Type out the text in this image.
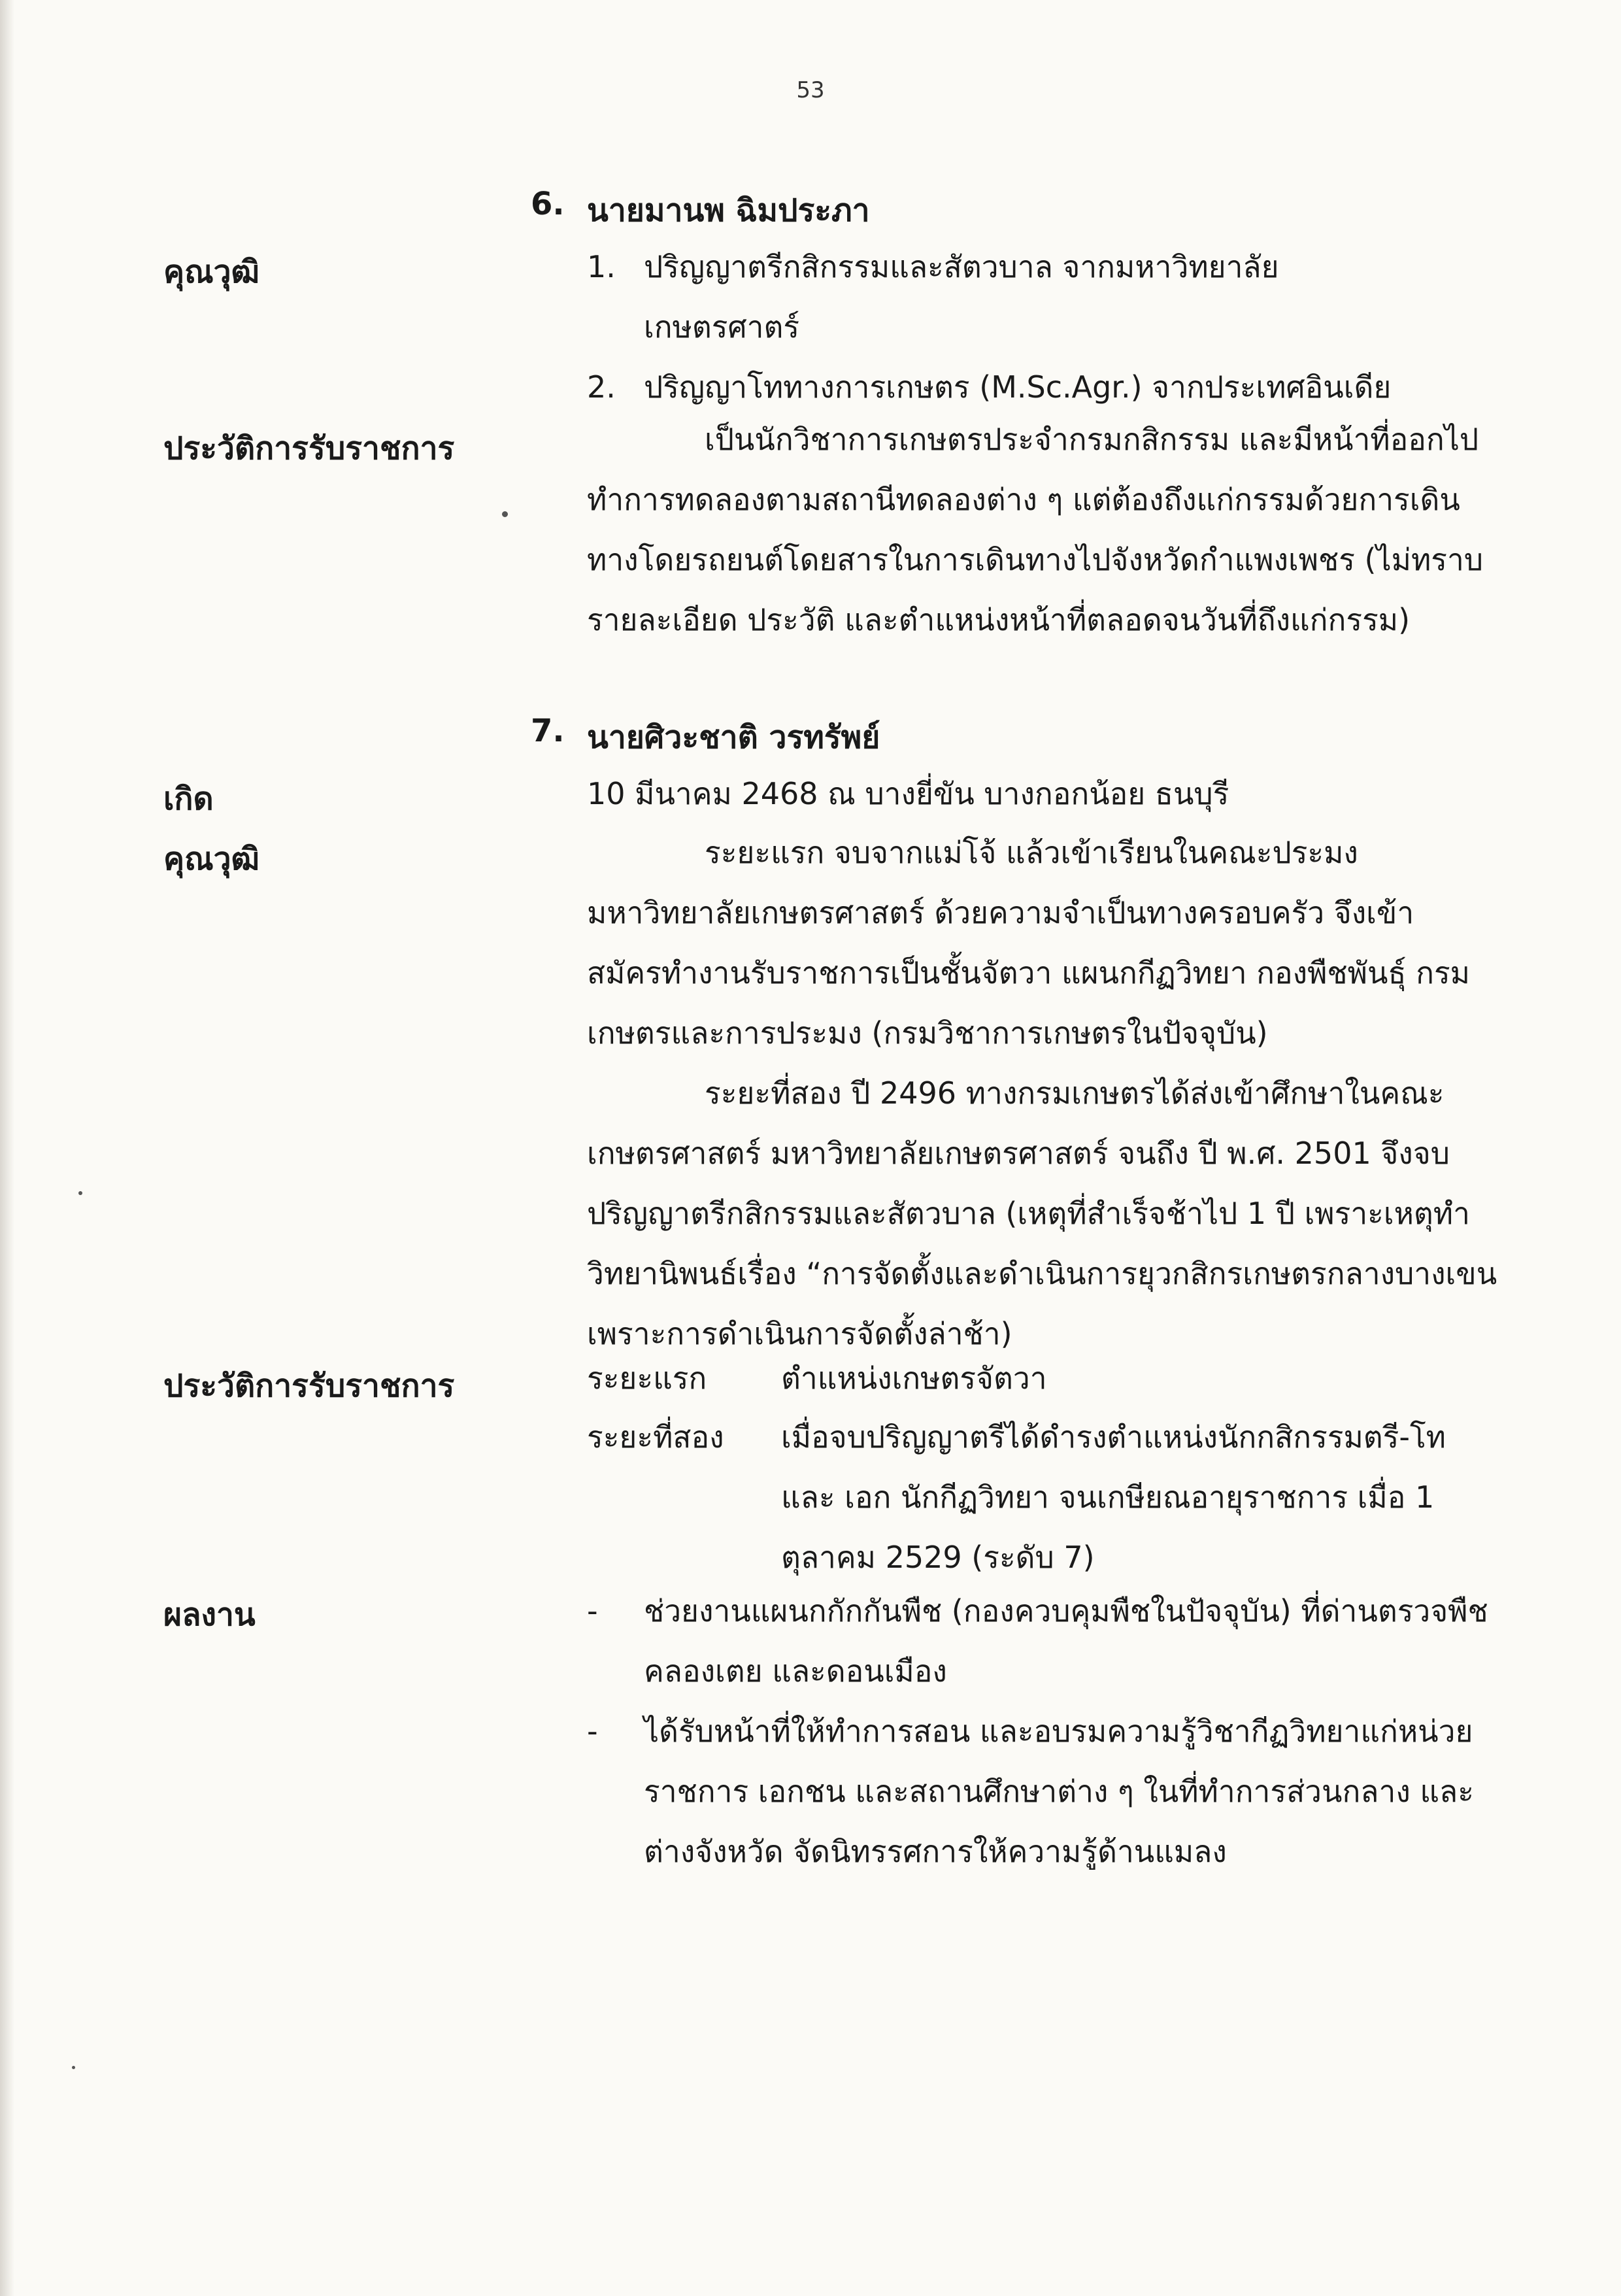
53
6. นายมานพ ฉิมประภา
คุณวุฒิ	1. ปริญญาตรีกสิกรรมและสัตวบาล จากมหาวิทยาลัย
เกษตรศาตร์
2. ปริญญาโททางการเกษตร (M.Sc.Agr.) จากประเทศอินเดีย
ประวัติการรับราชการ	เป็นนักวิชาการเกษตรประจำกรมกสิกรรม และมีหน้าที่ออกไป
ทำการทดลองตามสถานีทดลองต่าง ๆ แต่ต้องถึงแก่กรรมด้วยการเดิน
ทางโดยรถยนต์โดยสารในการเดินทางไปจังหวัดกำแพงเพชร (ไม่ทราบ
รายละเอียด ประวัติ และตำแหน่งหน้าที่ตลอดจนวันที่ถึงแก่กรรม)
7. นายศิวะชาติ วรทรัพย์
เกิด	10 มีนาคม 2468 ณ บางยี่ขัน บางกอกน้อย ธนบุรี
คุณวุฒิ	ระยะแรก จบจากแม่โจ้ แล้วเข้าเรียนในคณะประมง
มหาวิทยาลัยเกษตรศาสตร์ ด้วยความจำเป็นทางครอบครัว จึงเข้า
สมัครทำงานรับราชการเป็นชั้นจัตวา แผนกกีฏวิทยา กองพืชพันธุ์ กรม
เกษตรและการประมง (กรมวิชาการเกษตรในปัจจุบัน)
ระยะที่สอง ปี 2496 ทางกรมเกษตรได้ส่งเข้าศึกษาในคณะ
เกษตรศาสตร์ มหาวิทยาลัยเกษตรศาสตร์ จนถึง ปี พ.ศ. 2501 จึงจบ
ปริญญาตรีกสิกรรมและสัตวบาล (เหตุที่สำเร็จช้าไป 1 ปี เพราะเหตุทำ
วิทยานิพนธ์เรื่อง “การจัดตั้งและดำเนินการยุวกสิกรเกษตรกลางบางเขน
เพราะการดำเนินการจัดตั้งล่าช้า)
ประวัติการรับราชการ	ระยะแรก ตำแหน่งเกษตรจัตวา
ระยะที่สอง เมื่อจบปริญญาตรีได้ดำรงตำแหน่งนักกสิกรรมตรี-โท
และ เอก นักกีฏวิทยา จนเกษียณอายุราชการ เมื่อ 1
ตุลาคม 2529 (ระดับ 7)
ผลงาน	- ช่วยงานแผนกกักกันพืช (กองควบคุมพืชในปัจจุบัน) ที่ด่านตรวจพืช
คลองเตย และดอนเมือง
- ได้รับหน้าที่ให้ทำการสอน และอบรมความรู้วิชากีฏวิทยาแก่หน่วย
ราชการ เอกชน และสถานศึกษาต่าง ๆ ในที่ทำการส่วนกลาง และ
ต่างจังหวัด จัดนิทรรศการให้ความรู้ด้านแมลง
